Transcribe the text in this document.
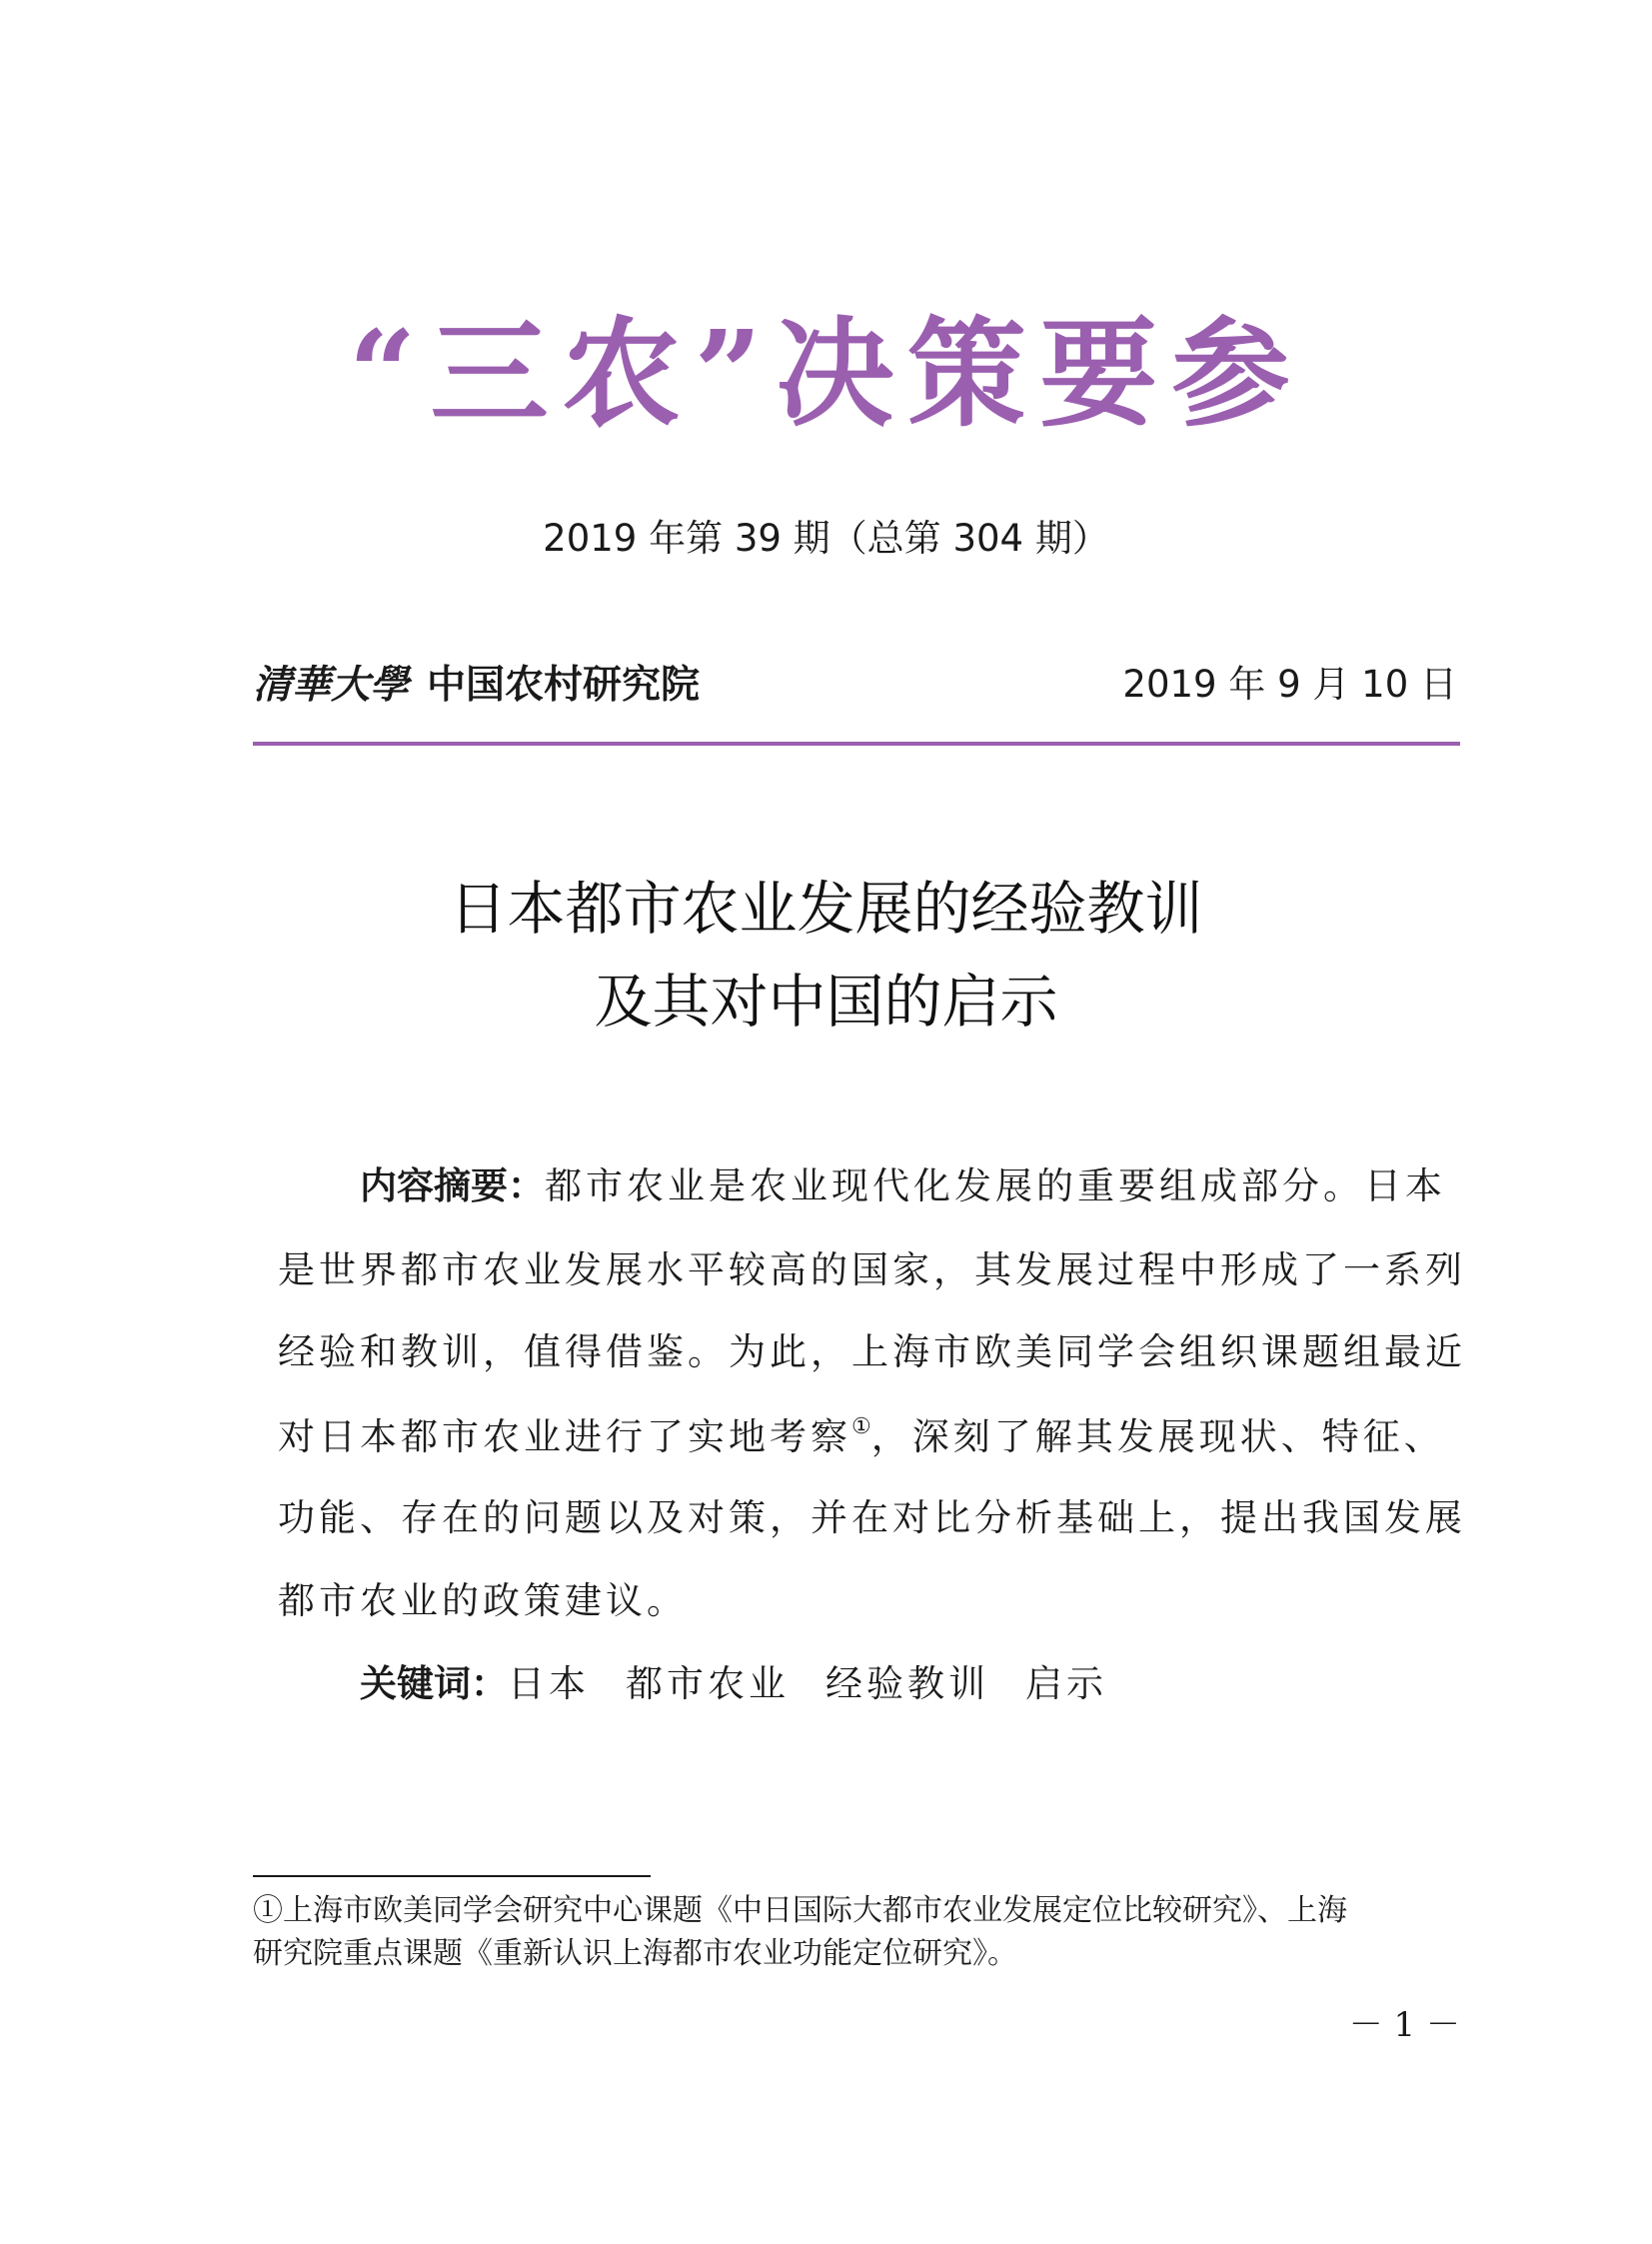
“三农”决策要参
2019 年第 39 期（总第 304 期）
清華大學 中国农村研究院	2019 年 9 月 10 日
日本都市农业发展的经验教训
及其对中国的启示
内容摘要：都市农业是农业现代化发展的重要组成部分。日本
是世界都市农业发展水平较高的国家，其发展过程中形成了一系列
经验和教训，值得借鉴。为此，上海市欧美同学会组织课题组最近
对日本都市农业进行了实地考察①，深刻了解其发展现状、特征、
功能、存在的问题以及对策，并在对比分析基础上，提出我国发展
都市农业的政策建议。
关键词：日本 都市农业 经验教训 启示
①上海市欧美同学会研究中心课题《中日国际大都市农业发展定位比较研究》、上海
研究院重点课题《重新认识上海都市农业功能定位研究》。
－ 1 －
